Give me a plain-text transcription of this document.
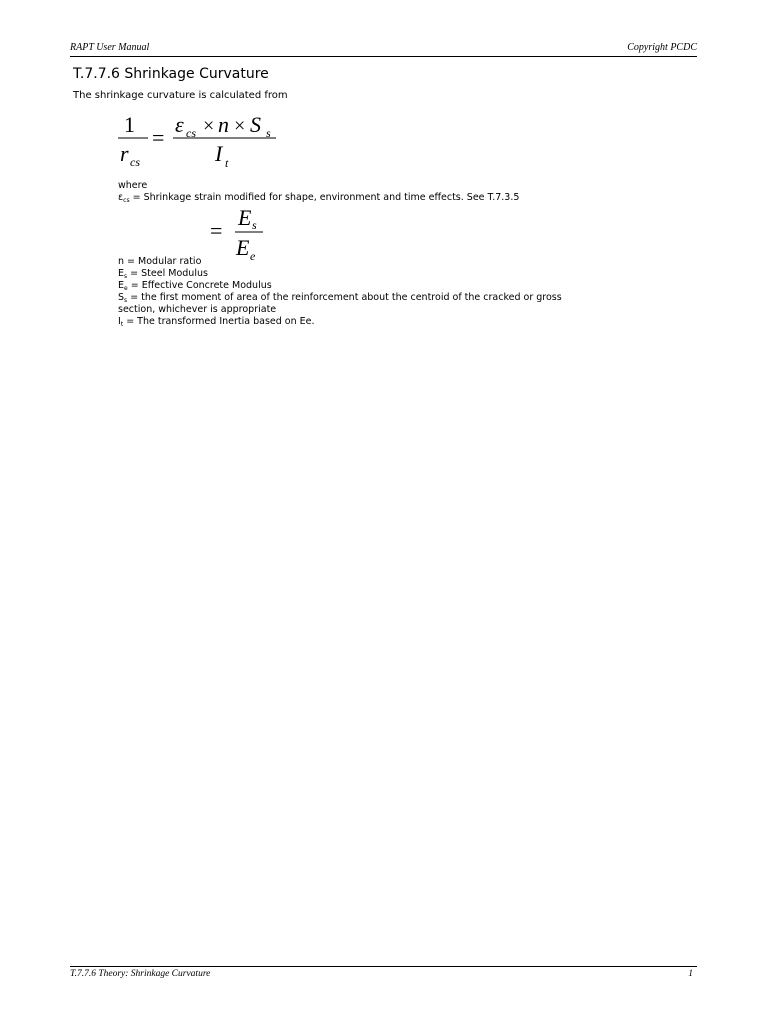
RAPT User Manual	Copyright PCDC
T.7.7.6 Shrinkage Curvature
The shrinkage curvature is calculated from
1
r cs
=
ε cs × n × S s
I t
where
$\varepsilon_{cs}$ = Shrinkage strain modified for shape, environment and time effects. See T.7.3.5
=
E s
E e
n = Modular ratio
$E_s$ = Steel Modulus
$E_e$ = Effective Concrete Modulus
$S_s$ = the first moment of area of the reinforcement about the centroid of the cracked or gross
section, whichever is appropriate
$I_t$ = The transformed Inertia based on Ee.
T.7.7.6 Theory: Shrinkage Curvature	1
